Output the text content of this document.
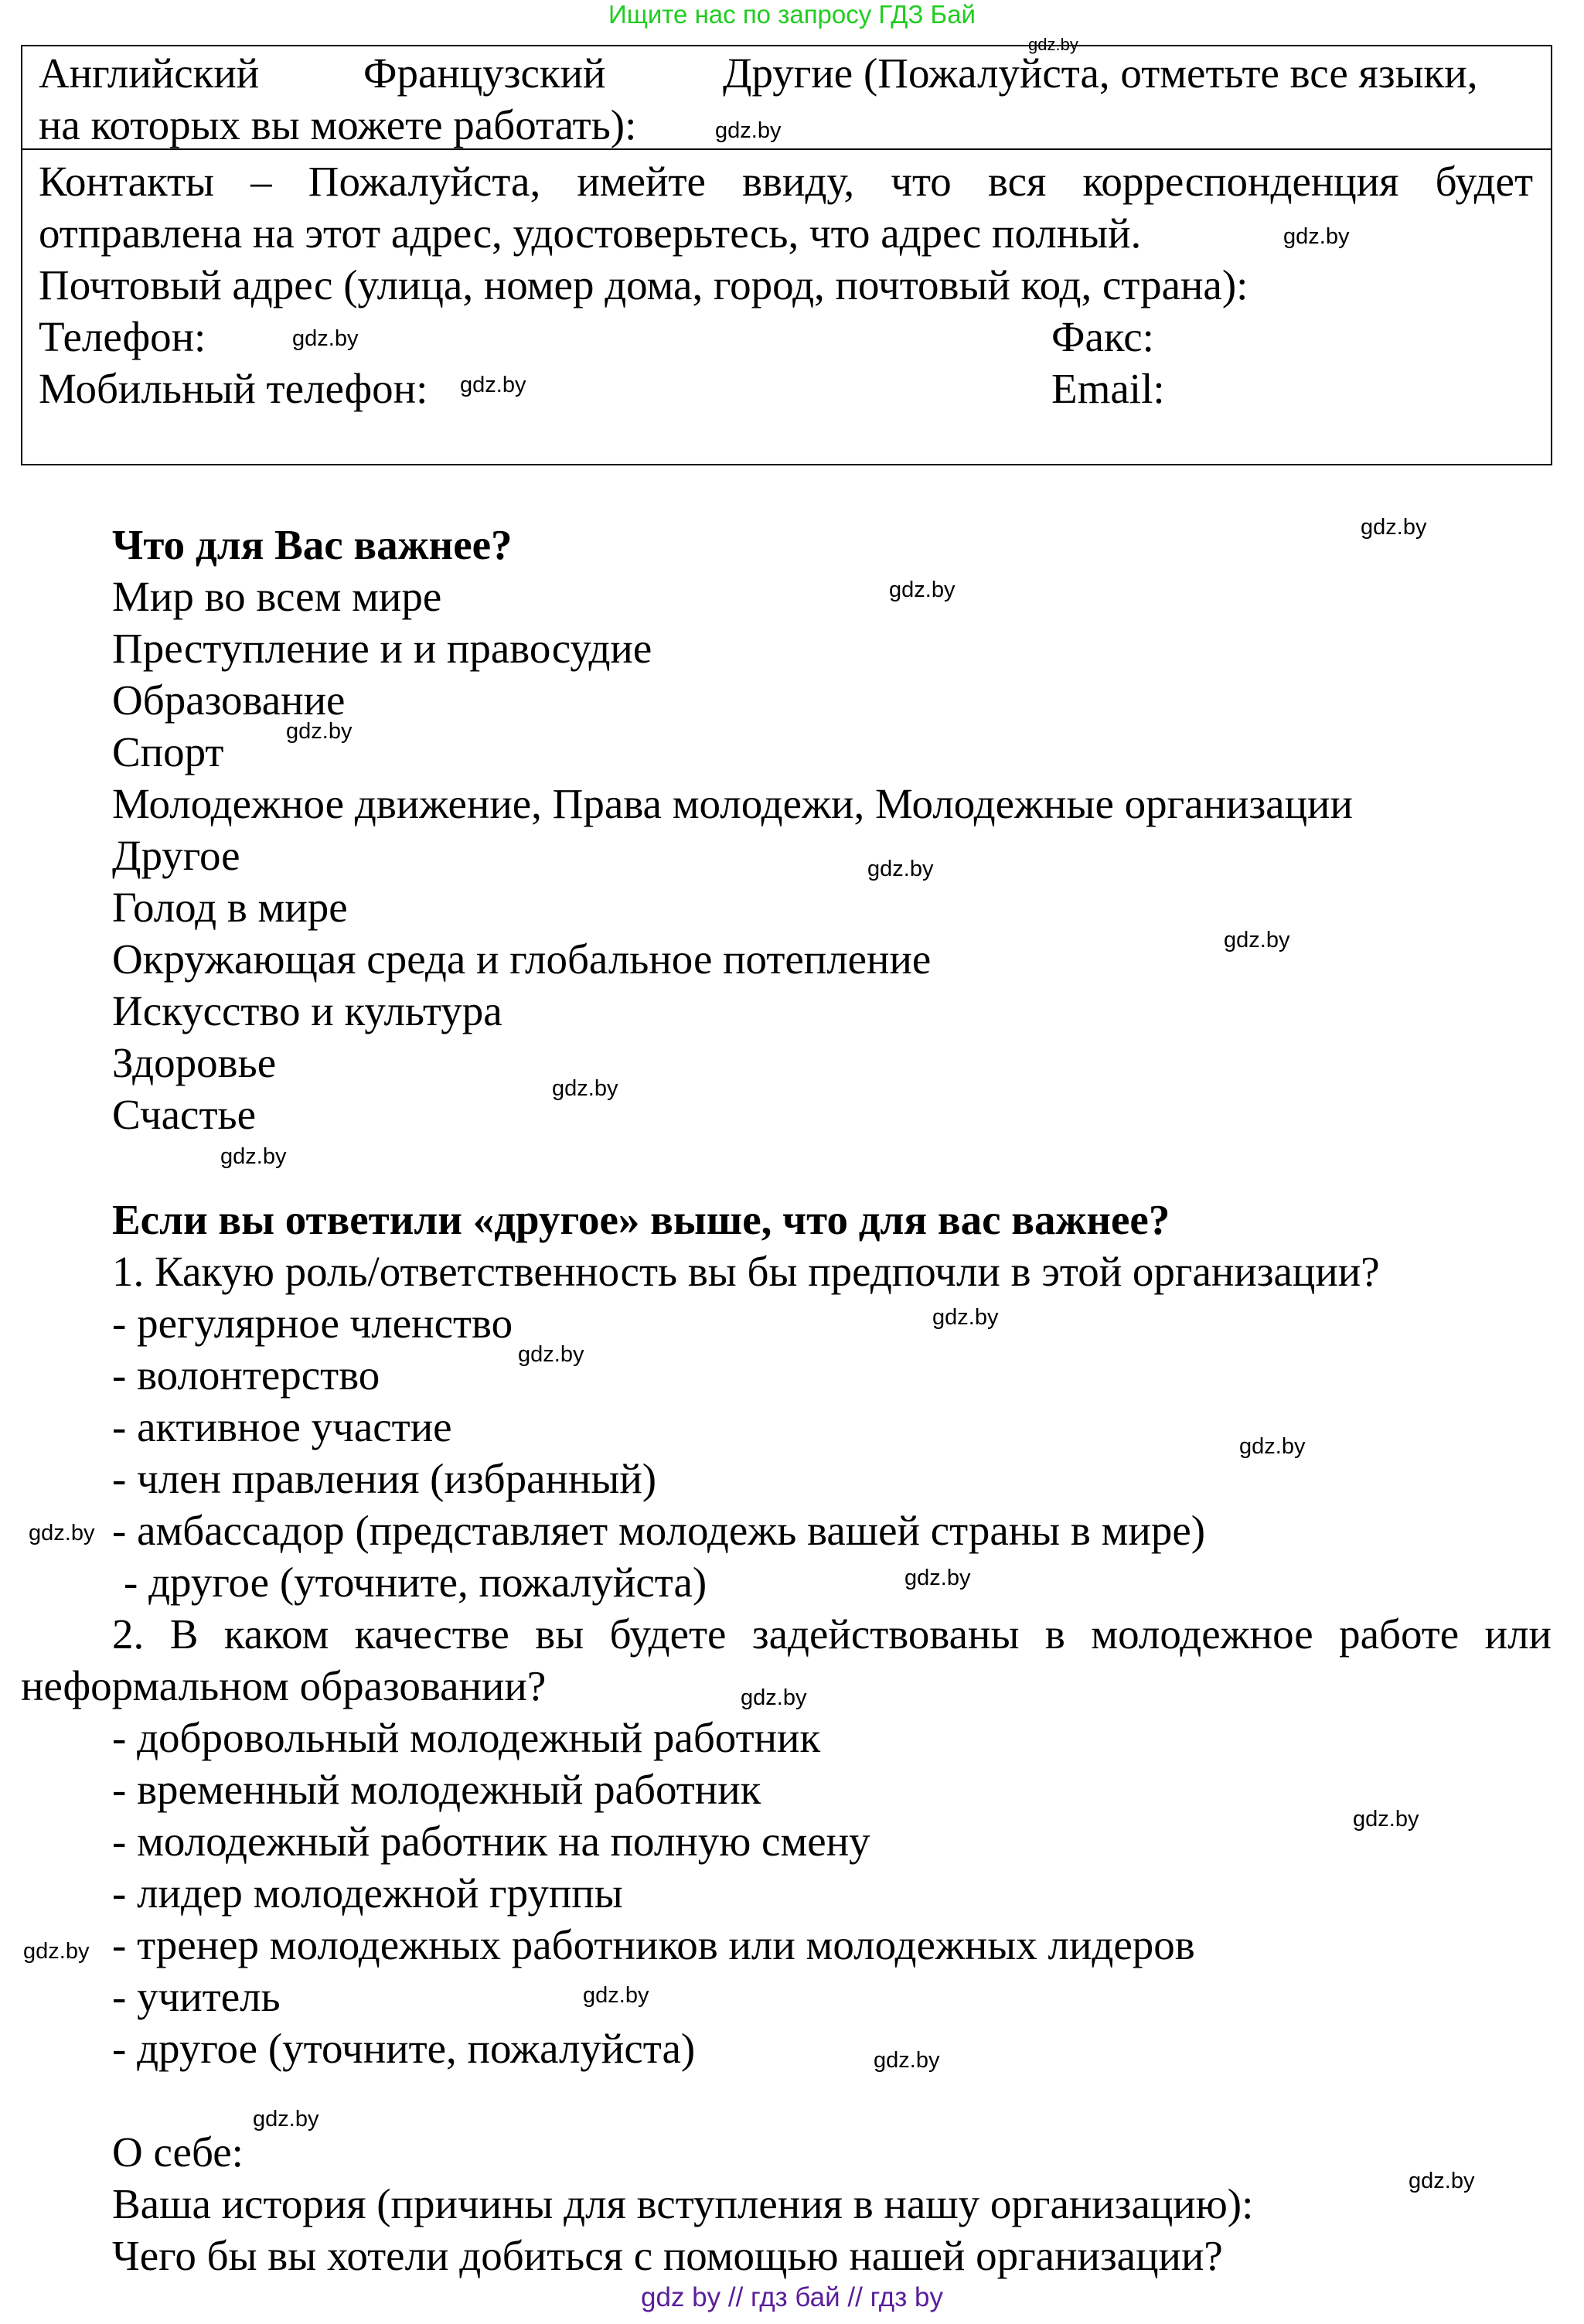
Ищите нас по запросу ГДЗ Бай
Английский Французский	Другие (Пожалуйста, отметьте все языки,
на которых вы можете работать):
Контакты – Пожалуйста, имейте ввиду, что вся корреспонденция будет
отправлена на этот адрес, удостоверьтесь, что адрес полный.
Почтовый адрес (улица, номер дома, город, почтовый код, страна):
Телефон:	Факс:
Мобильный телефон:	Email:
Что для Вас важнее?
Мир во всем мире
Преступление и и правосудие
Образование
Спорт
Молодежное движение, Права молодежи, Молодежные организации
Другое
Голод в мире
Окружающая среда и глобальное потепление
Искусство и культура
Здоровье
Счастье
Если вы ответили «другое» выше, что для вас важнее?
1. Какую роль/ответственность вы бы предпочли в этой организации?
- регулярное членство
- волонтерство
- активное участие
- член правления (избранный)
- амбассадор (представляет молодежь вашей страны в мире)
- другое (уточните, пожалуйста)
2. В каком качестве вы будете задействованы в молодежное работе или
неформальном образовании?
- добровольный молодежный работник
- временный молодежный работник
- молодежный работник на полную смену
- лидер молодежной группы
- тренер молодежных работников или молодежных лидеров
- учитель
- другое (уточните, пожалуйста)
О себе:
Ваша история (причины для вступления в нашу организацию):
Чего бы вы хотели добиться с помощью нашей организации?
gdz.by
gdz.by
gdz.by
gdz.by
gdz.by
gdz.by
gdz.by
gdz.by
gdz.by
gdz.by
gdz.by
gdz.by
gdz.by
gdz.by
gdz.by
gdz.by
gdz.by
gdz.by
gdz.by
gdz.by
gdz.by
gdz.by
gdz.by
gdz.by
gdz by // гдз бай // гдз by
